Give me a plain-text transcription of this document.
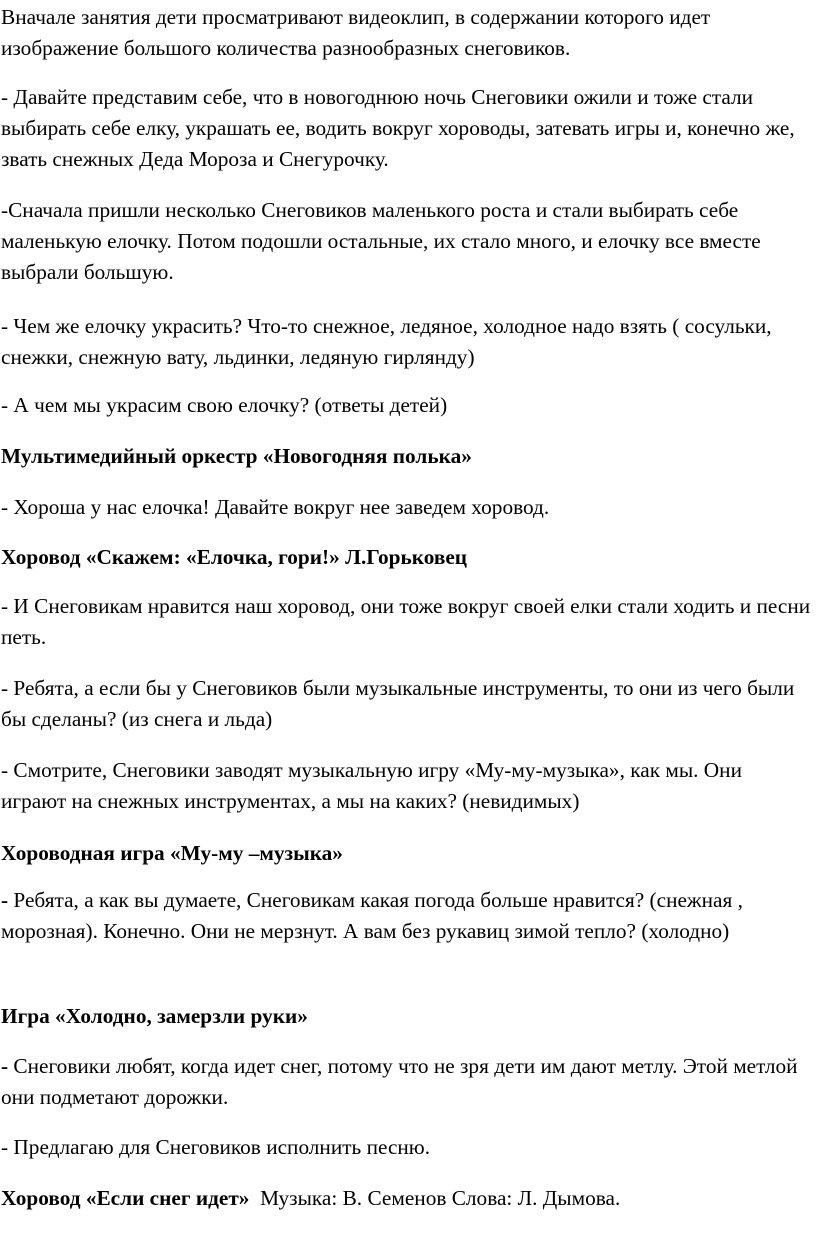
Вначале занятия дети просматривают видеоклип, в содержании которого идет изображение большого количества разнообразных снеговиков.

- Давайте представим себе, что в новогоднюю ночь Снеговики ожили и тоже стали выбирать себе елку, украшать ее, водить вокруг хороводы, затевать игры и, конечно же, звать снежных Деда Мороза и Снегурочку.

-Сначала пришли несколько Снеговиков маленького роста и стали выбирать себе маленькую елочку. Потом подошли остальные, их стало много, и елочку все вместе выбрали большую.

- Чем же елочку украсить? Что-то снежное, ледяное, холодное надо взять ( сосульки, снежки, снежную вату, льдинки, ледяную гирлянду)

- А чем мы украсим свою елочку? (ответы детей)

Мультимедийный оркестр «Новогодняя полька»

- Хороша у нас елочка! Давайте вокруг нее заведем хоровод.

Хоровод «Скажем: «Елочка, гори!» Л.Горьковец

- И Снеговикам нравится наш хоровод, они тоже вокруг своей елки стали ходить и песни петь.

- Ребята, а если бы у Снеговиков были музыкальные инструменты, то они из чего были бы сделаны? (из снега и льда)

- Смотрите, Снеговики заводят музыкальную игру «Му-му-музыка», как мы. Они играют на снежных инструментах, а мы на каких? (невидимых)

Хороводная игра «Му-му –музыка»

- Ребята, а как вы думаете, Снеговикам какая погода больше нравится? (снежная , морозная). Конечно. Они не мерзнут. А вам без рукавиц зимой тепло? (холодно)

Игра «Холодно, замерзли руки»

- Снеговики любят, когда идет снег, потому что не зря дети им дают метлу. Этой метлой они подметают дорожки.

- Предлагаю для Снеговиков исполнить песню.

Хоровод «Если снег идет»  Музыка: В. Семенов Слова: Л. Дымова.
